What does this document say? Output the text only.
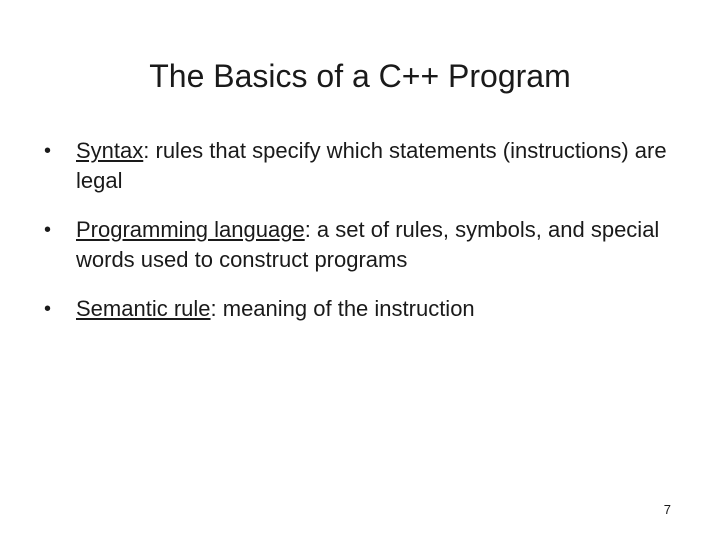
The Basics of a C++ Program
•	Syntax: rules that specify which statements (instructions) are legal
•	Programming language: a set of rules, symbols, and special words used to construct programs
•	Semantic rule: meaning of the instruction
7
